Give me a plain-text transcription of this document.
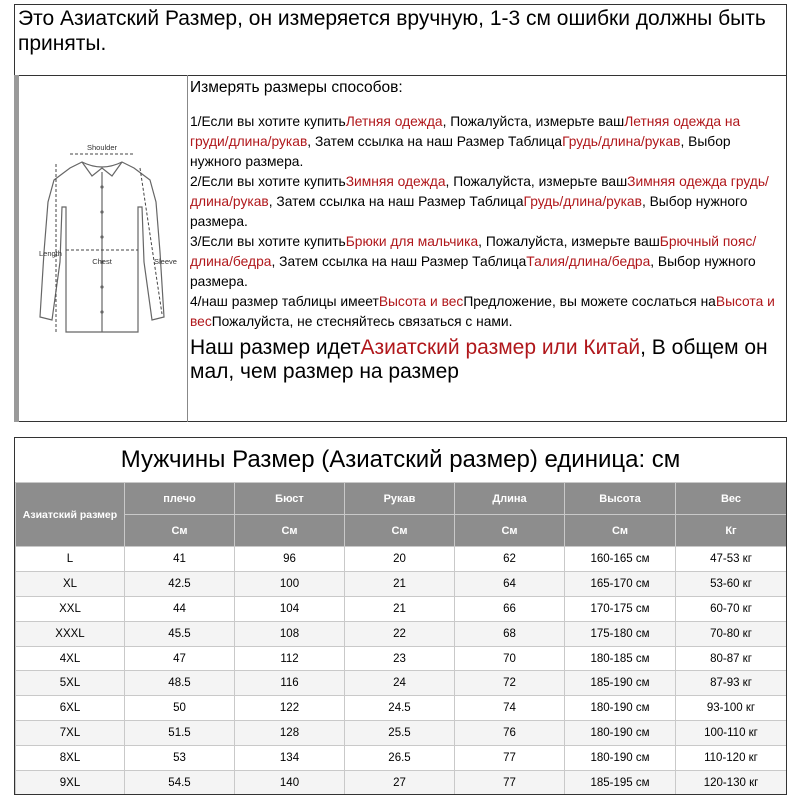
Это Азиатский Размер, он измеряется вручную, 1-3 см ошибки должны быть приняты.
Shoulder
Chest
Length
Sleeve
Измерять размеры способов:
1/Если вы хотите купитьЛетняя одежда, Пожалуйста, измерьте вашЛетняя одежда на груди/длина/рукав, Затем ссылка на наш Размер ТаблицаГрудь/длина/рукав, Выбор нужного размера.
2/Если вы хотите купитьЗимняя одежда, Пожалуйста, измерьте вашЗимняя одежда грудь/длина/рукав, Затем ссылка на наш Размер ТаблицаГрудь/длина/рукав, Выбор нужного размера.
3/Если вы хотите купитьБрюки для мальчика, Пожалуйста, измерьте вашБрючный пояс/длина/бедра, Затем ссылка на наш Размер ТаблицаТалия/длина/бедра, Выбор нужного размера.
4/наш размер таблицы имеетВысота и весПредложение, вы можете сослаться наВысота и весПожалуйста, не стесняйтесь связаться с нами.
Наш размер идетАзиатский размер или Китай, В общем он мал, чем размер на размер
Мужчины Размер (Азиатский размер) единица: см
Азиатский размер	плечо	Бюст	Рукав	Длина	Высота	Вес
	См	См	См	См	См	Кг
L	41	96	20	62	160-165 см	47-53 кг
XL	42.5	100	21	64	165-170 см	53-60 кг
XXL	44	104	21	66	170-175 см	60-70 кг
XXXL	45.5	108	22	68	175-180 см	70-80 кг
4XL	47	112	23	70	180-185 см	80-87 кг
5XL	48.5	116	24	72	185-190 см	87-93 кг
6XL	50	122	24.5	74	180-190 см	93-100 кг
7XL	51.5	128	25.5	76	180-190 см	100-110 кг
8XL	53	134	26.5	77	180-190 см	110-120 кг
9XL	54.5	140	27	77	185-195 см	120-130 кг
